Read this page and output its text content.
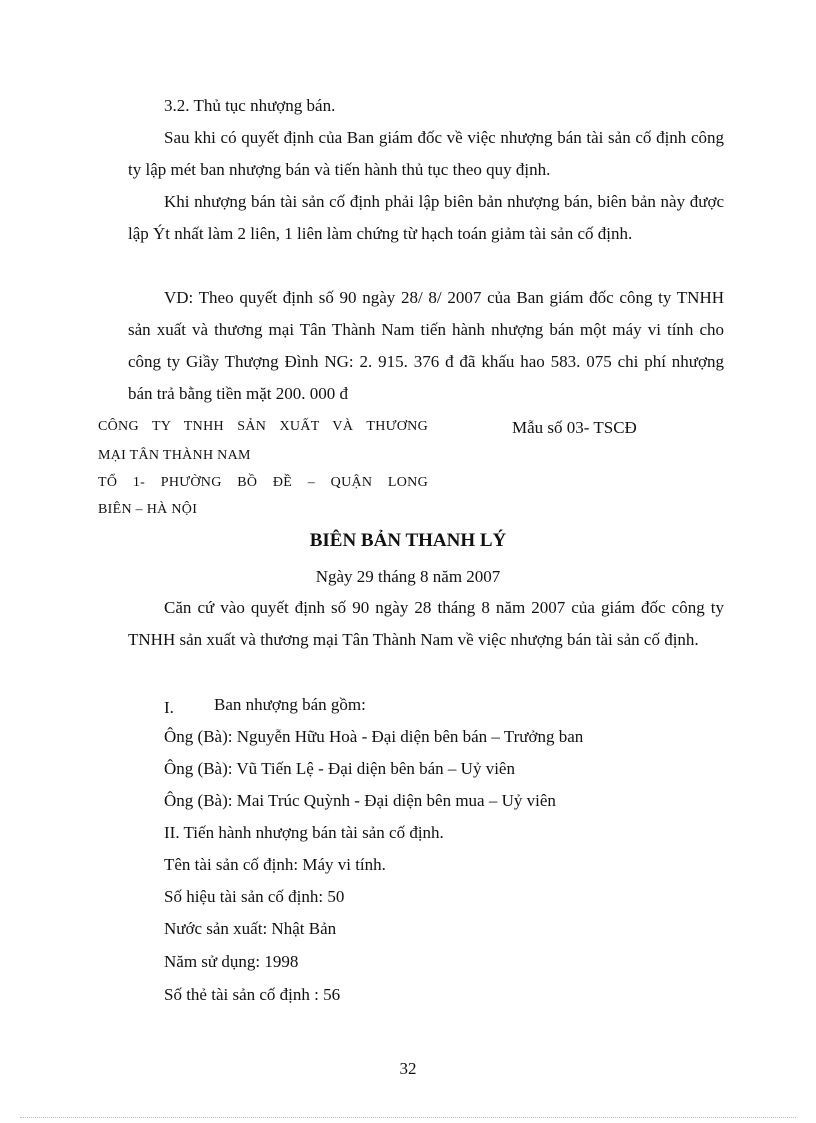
3.2. Thủ tục nhượng bán.

Sau khi có quyết định của Ban giám đốc về việc nhượng bán tài sản cố định công ty lập mét ban nhượng bán và tiến hành thủ tục theo quy định.

Khi nhượng bán tài sản cố định phải lập biên bản nhượng bán, biên bản này được lập Ýt nhất làm 2 liên, 1 liên làm chứng từ hạch toán giảm tài sản cố định.

VD: Theo quyết định số 90 ngày 28/ 8/ 2007 của Ban giám đốc công ty TNHH sản xuất và thương mại Tân Thành Nam tiến hành nhượng bán một máy vi tính cho công ty Giầy Thượng Đình NG: 2. 915. 376 đ đã khấu hao 583. 075 chi phí nhượng bán trả bằng tiền mặt 200. 000 đ

CÔNG TY TNHH SẢN XUẤT VÀ THƯƠNG

MẠI TÂN THÀNH NAM

TỔ 1- PHƯỜNG BỒ ĐỀ – QUẬN LONG

BIÊN – HÀ NỘI

Mẫu số 03- TSCĐ
BIÊN BẢN THANH LÝ
Ngày 29 tháng 8 năm 2007

Căn cứ vào quyết định số 90 ngày 28 tháng 8 năm 2007 của giám đốc công ty TNHH sản xuất và thương mại Tân Thành Nam về việc nhượng bán tài sản cố định.

I. Ban nhượng bán gồm:

Ông (Bà): Nguyễn Hữu Hoà - Đại diện bên bán – Trưởng ban

Ông (Bà): Vũ Tiến Lệ - Đại diện bên bán – Uỷ viên

Ông (Bà): Mai Trúc Quỳnh - Đại diện bên mua – Uỷ viên

II. Tiến hành nhượng bán tài sản cố định.

Tên tài sản cố định: Máy vi tính.

Số hiệu tài sản cố định: 50

Nước sản xuất: Nhật Bản

Năm sử dụng: 1998

Số thẻ tài sản cố định : 56

32
